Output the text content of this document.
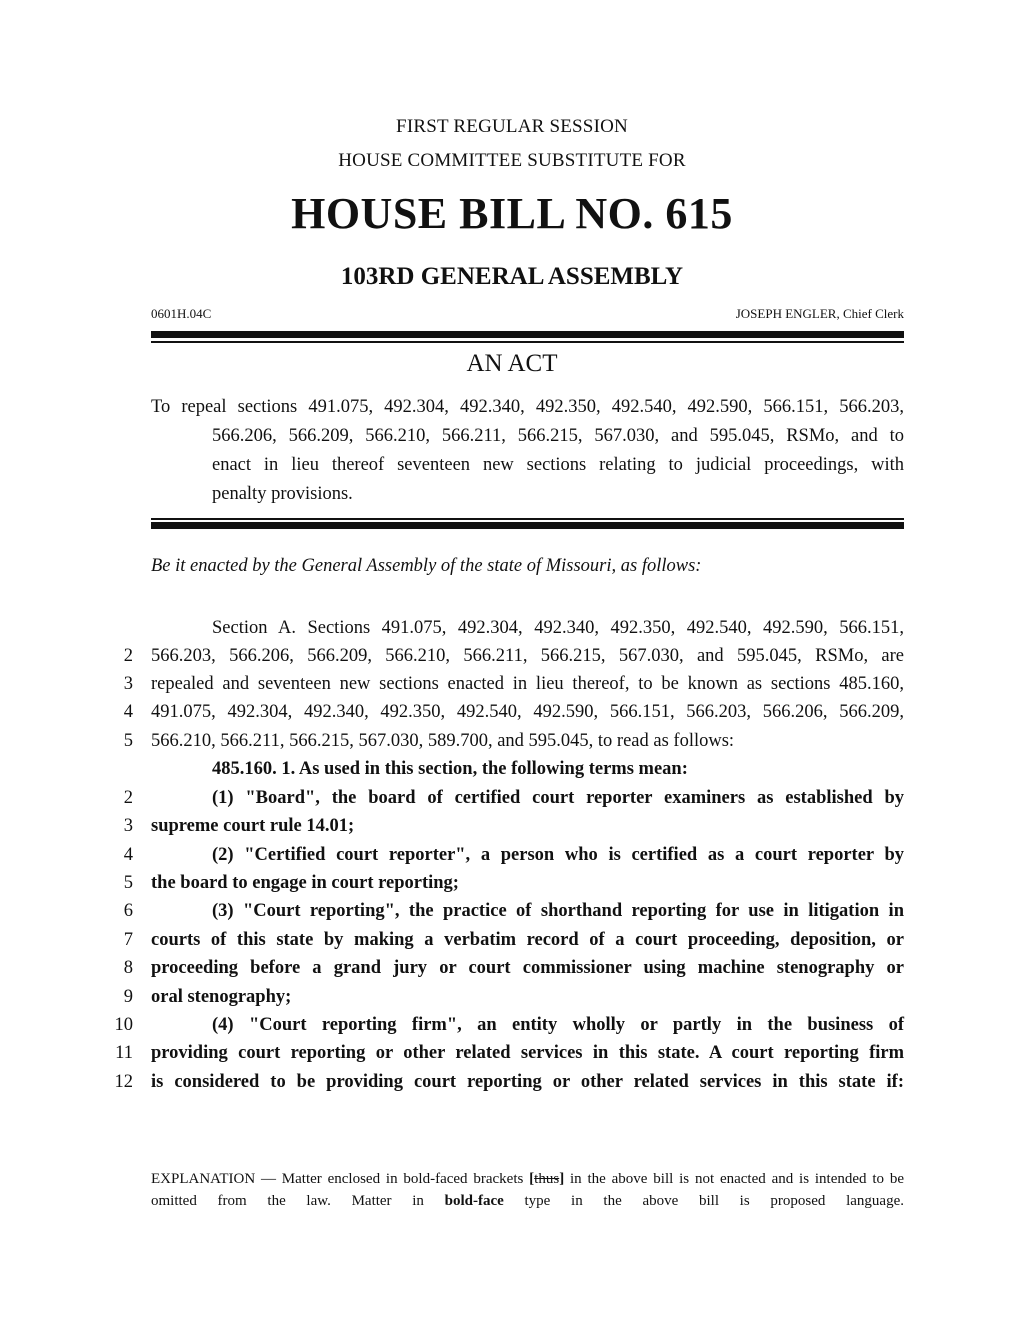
FIRST REGULAR SESSION
HOUSE COMMITTEE SUBSTITUTE FOR
HOUSE BILL NO. 615
103RD GENERAL ASSEMBLY
0601H.04C	JOSEPH ENGLER, Chief Clerk
AN ACT
To repeal sections 491.075, 492.304, 492.340, 492.350, 492.540, 492.590, 566.151, 566.203,
566.206, 566.209, 566.210, 566.211, 566.215, 567.030, and 595.045, RSMo, and to
enact in lieu thereof seventeen new sections relating to judicial proceedings, with
penalty provisions.
Be it enacted by the General Assembly of the state of Missouri, as follows:
Section A. Sections 491.075, 492.304, 492.340, 492.350, 492.540, 492.590, 566.151,
2 566.203, 566.206, 566.209, 566.210, 566.211, 566.215, 567.030, and 595.045, RSMo, are
3 repealed and seventeen new sections enacted in lieu thereof, to be known as sections 485.160,
4 491.075, 492.304, 492.340, 492.350, 492.540, 492.590, 566.151, 566.203, 566.206, 566.209,
5 566.210, 566.211, 566.215, 567.030, 589.700, and 595.045, to read as follows:
485.160. 1. As used in this section, the following terms mean:
2	(1) "Board", the board of certified court reporter examiners as established by
3 supreme court rule 14.01;
4	(2) "Certified court reporter", a person who is certified as a court reporter by
5 the board to engage in court reporting;
6	(3) "Court reporting", the practice of shorthand reporting for use in litigation in
7 courts of this state by making a verbatim record of a court proceeding, deposition, or
8 proceeding before a grand jury or court commissioner using machine stenography or
9 oral stenography;
10	(4) "Court reporting firm", an entity wholly or partly in the business of
11 providing court reporting or other related services in this state. A court reporting firm
12 is considered to be providing court reporting or other related services in this state if:
EXPLANATION — Matter enclosed in bold-faced brackets [thus] in the above bill is not enacted and is intended to be omitted from the law. Matter in bold-face type in the above bill is proposed language.
